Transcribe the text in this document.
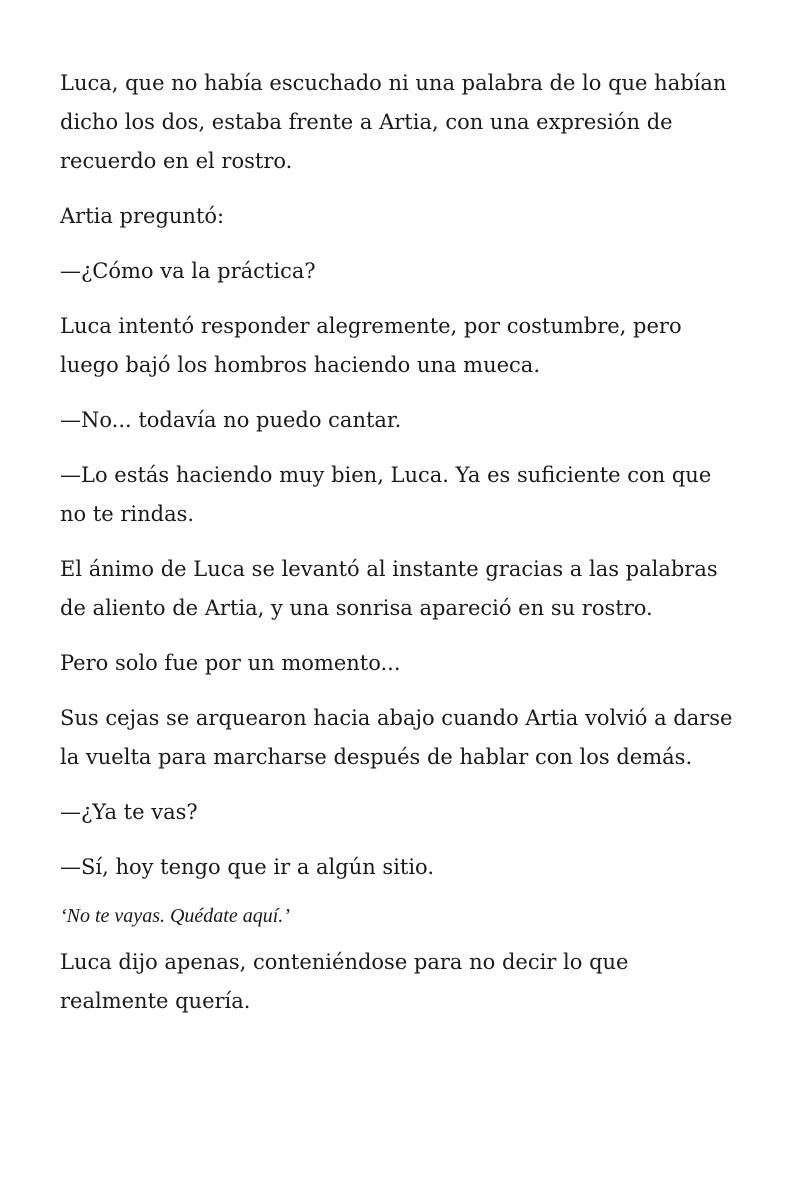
Luca, que no había escuchado ni una palabra de lo que habían dicho los dos, estaba frente a Artia, con una expresión de recuerdo en el rostro.

Artia preguntó:

—¿Cómo va la práctica?

Luca intentó responder alegremente, por costumbre, pero luego bajó los hombros haciendo una mueca.

—No... todavía no puedo cantar.

—Lo estás haciendo muy bien, Luca. Ya es suficiente con que no te rindas.

El ánimo de Luca se levantó al instante gracias a las palabras de aliento de Artia, y una sonrisa apareció en su rostro.

Pero solo fue por un momento...

Sus cejas se arquearon hacia abajo cuando Artia volvió a darse la vuelta para marcharse después de hablar con los demás.

—¿Ya te vas?

—Sí, hoy tengo que ir a algún sitio.

‘No te vayas. Quédate aquí.’

Luca dijo apenas, conteniéndose para no decir lo que realmente quería.
